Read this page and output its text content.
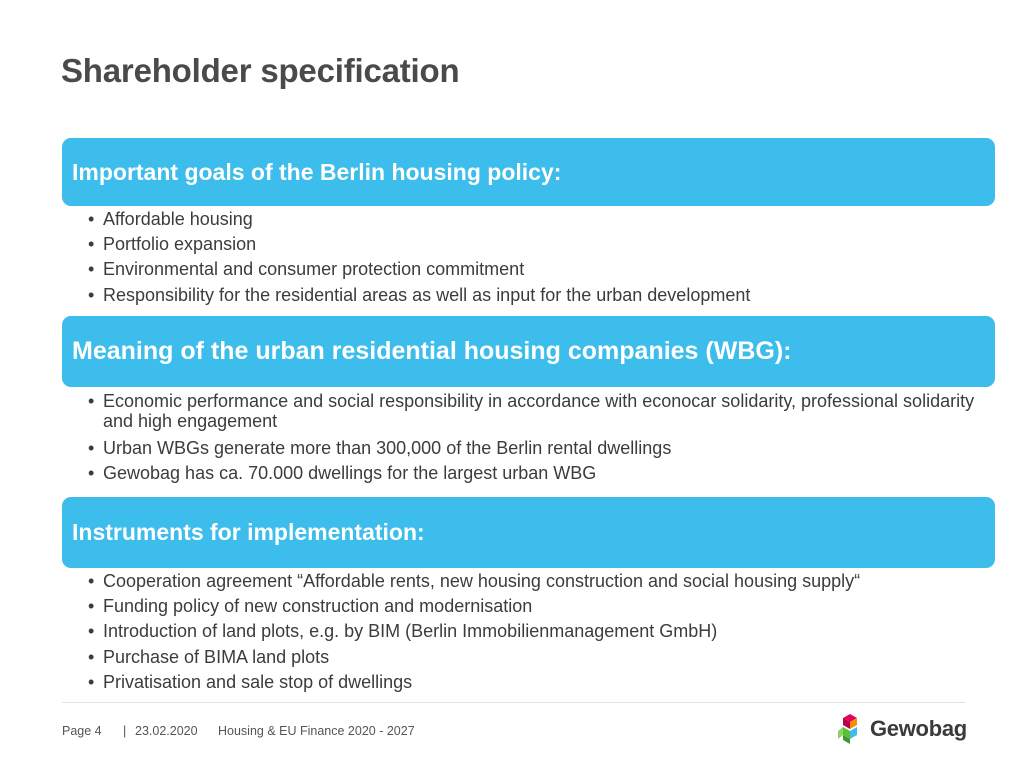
Shareholder specification
Important goals of the Berlin housing policy:
• Affordable housing
• Portfolio expansion
• Environmental and consumer protection commitment
• Responsibility for the residential areas as well as input for the urban development
Meaning of the urban residential housing companies (WBG):
• Economic performance and social responsibility in accordance with econocar solidarity, professional solidarity and high engagement
• Urban WBGs generate more than 300,000 of the Berlin rental dwellings
• Gewobag has ca. 70.000 dwellings for the largest urban WBG
Instruments for implementation:
• Cooperation agreement “Affordable rents, new housing construction and social housing supply“
• Funding policy of new construction and modernisation
• Introduction of land plots, e.g. by BIM (Berlin Immobilienmanagement GmbH)
• Purchase of BIMA land plots
• Privatisation and sale stop of dwellings
Page 4 | 23.02.2020 Housing & EU Finance 2020 - 2027	Gewobag
